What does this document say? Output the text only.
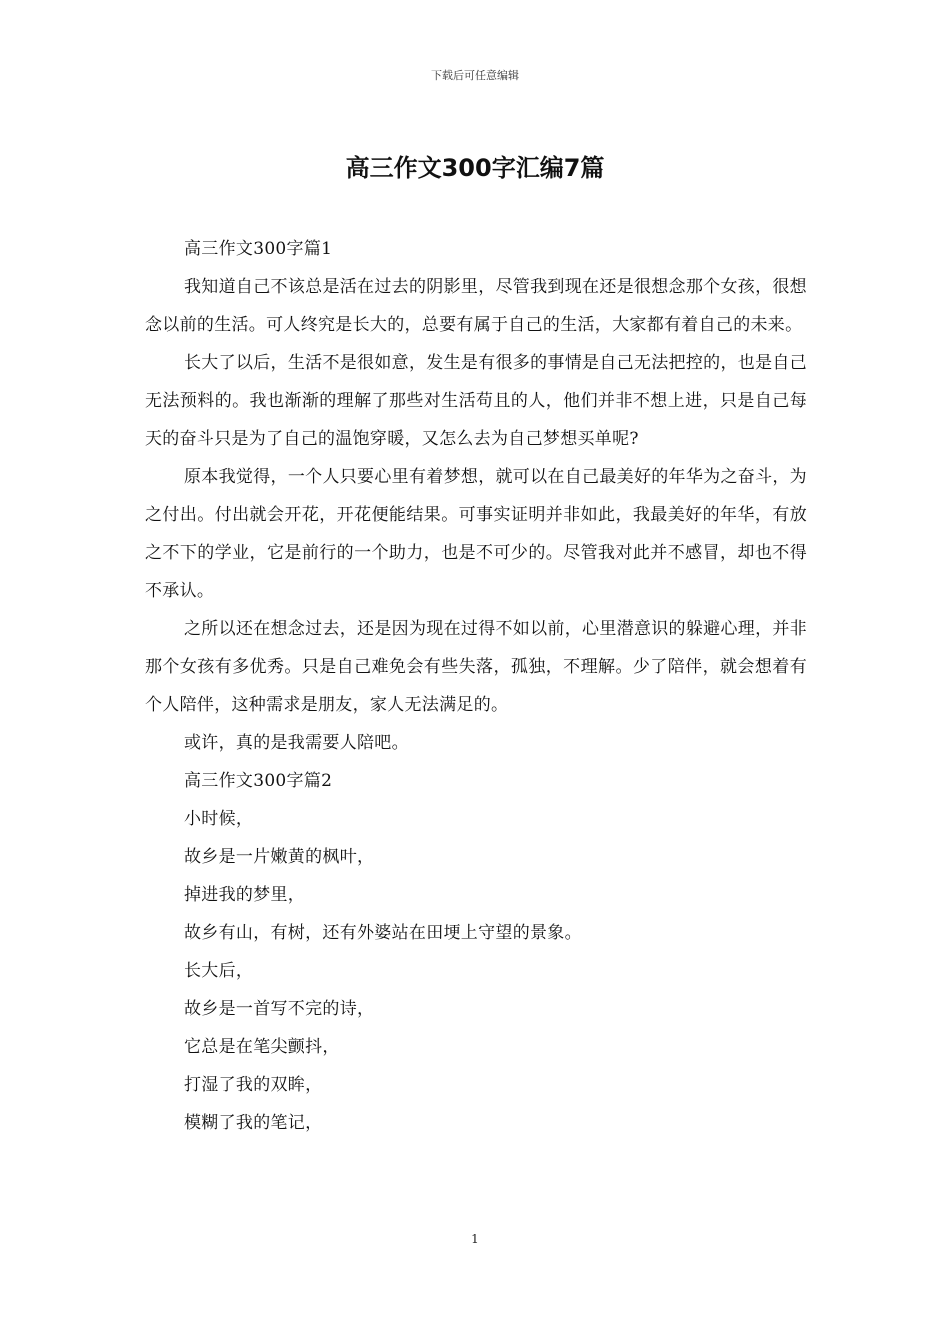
下载后可任意编辑
高三作文300字汇编7篇

高三作文300字篇1

我知道自己不该总是活在过去的阴影里，尽管我到现在还是很想念那个女孩，很想念以前的生活。可人终究是长大的，总要有属于自己的生活，大家都有着自己的未来。

长大了以后，生活不是很如意，发生是有很多的事情是自己无法把控的，也是自己无法预料的。我也渐渐的理解了那些对生活苟且的人，他们并非不想上进，只是自己每天的奋斗只是为了自己的温饱穿暖，又怎么去为自己梦想买单呢?

原本我觉得，一个人只要心里有着梦想，就可以在自己最美好的年华为之奋斗，为之付出。付出就会开花，开花便能结果。可事实证明并非如此，我最美好的年华，有放之不下的学业，它是前行的一个助力，也是不可少的。尽管我对此并不感冒，却也不得不承认。

之所以还在想念过去，还是因为现在过得不如以前，心里潜意识的躲避心理，并非那个女孩有多优秀。只是自己难免会有些失落，孤独，不理解。少了陪伴，就会想着有个人陪伴，这种需求是朋友，家人无法满足的。

或许，真的是我需要人陪吧。

高三作文300字篇2

小时候，

故乡是一片嫩黄的枫叶，

掉进我的梦里，

故乡有山，有树，还有外婆站在田埂上守望的景象。

长大后，

故乡是一首写不完的诗，

它总是在笔尖颤抖，

打湿了我的双眸，

模糊了我的笔记，

1
